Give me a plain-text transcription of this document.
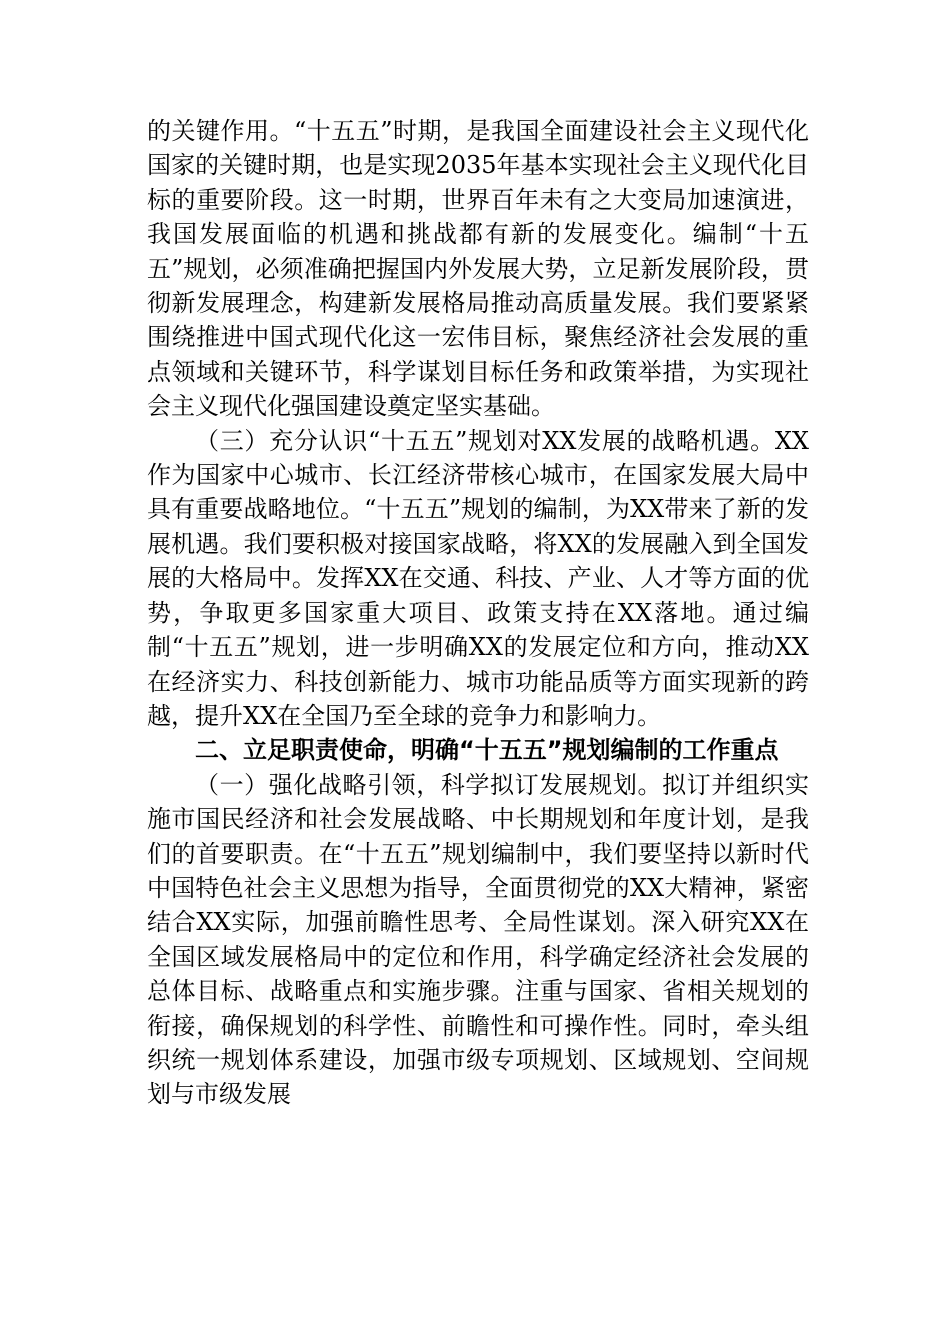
的关键作用。“十五五”时期，是我国全面建设社会主义现代化国家的关键时期，也是实现2035年基本实现社会主义现代化目标的重要阶段。这一时期，世界百年未有之大变局加速演进，我国发展面临的机遇和挑战都有新的发展变化。编制“十五五”规划，必须准确把握国内外发展大势，立足新发展阶段，贯彻新发展理念，构建新发展格局推动高质量发展。我们要紧紧围绕推进中国式现代化这一宏伟目标，聚焦经济社会发展的重点领域和关键环节，科学谋划目标任务和政策举措，为实现社会主义现代化强国建设奠定坚实基础。

（三）充分认识“十五五”规划对XX发展的战略机遇。XX作为国家中心城市、长江经济带核心城市，在国家发展大局中具有重要战略地位。“十五五”规划的编制，为XX带来了新的发展机遇。我们要积极对接国家战略，将XX的发展融入到全国发展的大格局中。发挥XX在交通、科技、产业、人才等方面的优势，争取更多国家重大项目、政策支持在XX落地。通过编制“十五五”规划，进一步明确XX的发展定位和方向，推动XX在经济实力、科技创新能力、城市功能品质等方面实现新的跨越，提升XX在全国乃至全球的竞争力和影响力。

二、立足职责使命，明确“十五五”规划编制的工作重点

（一）强化战略引领，科学拟订发展规划。拟订并组织实施市国民经济和社会发展战略、中长期规划和年度计划，是我们的首要职责。在“十五五”规划编制中，我们要坚持以新时代中国特色社会主义思想为指导，全面贯彻党的XX大精神，紧密结合XX实际，加强前瞻性思考、全局性谋划。深入研究XX在全国区域发展格局中的定位和作用，科学确定经济社会发展的总体目标、战略重点和实施步骤。注重与国家、省相关规划的衔接，确保规划的科学性、前瞻性和可操作性。同时，牵头组织统一规划体系建设，加强市级专项规划、区域规划、空间规划与市级发展
